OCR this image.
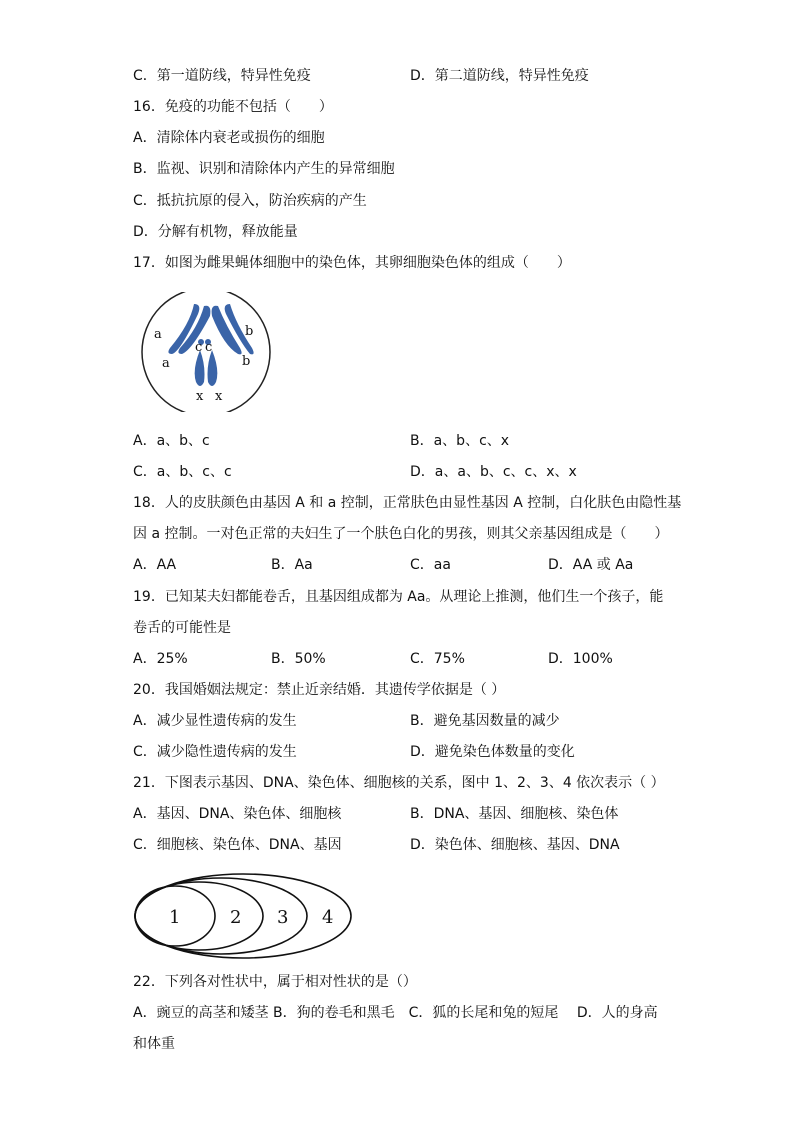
C．第一道防线，特异性免疫	D．第二道防线，特异性免疫
16．免疫的功能不包括（　　）
A．清除体内衰老或损伤的细胞
B．监视、识别和清除体内产生的异常细胞
C．抵抗抗原的侵入，防治疾病的产生
D．分解有机物，释放能量
17．如图为雌果蝇体细胞中的染色体，其卵细胞染色体的组成（　　）
a
a
b
b
c c
x x
A．a、b、c	B．a、b、c、x
C．a、b、c、c	D．a、a、b、c、c、x、x
18．人的皮肤颜色由基因 A 和 a 控制，正常肤色由显性基因 A 控制，白化肤色由隐性基
因 a 控制。一对色正常的夫妇生了一个肤色白化的男孩，则其父亲基因组成是（　　）
A．AA	B．Aa	C．aa	D．AA 或 Aa
19．已知某夫妇都能卷舌，且基因组成都为 Aa。从理论上推测，他们生一个孩子，能
卷舌的可能性是
A．25%	B．50%	C．75%	D．100%
20．我国婚姻法规定：禁止近亲结婚．其遗传学依据是（ ）
A．减少显性遗传病的发生	B．避免基因数量的减少
C．减少隐性遗传病的发生	D．避免染色体数量的变化
21．下图表示基因、DNA、染色体、细胞核的关系，图中 1、2、3、4 依次表示（ ）
A．基因、DNA、染色体、细胞核	B．DNA、基因、细胞核、染色体
C．细胞核、染色体、DNA、基因	D．染色体、细胞核、基因、DNA
1	2 3 4
22．下列各对性状中，属于相对性状的是（）
A．豌豆的高茎和矮茎 B．狗的卷毛和黑毛　C．狐的长尾和兔的短尾　 D．人的身高
和体重
